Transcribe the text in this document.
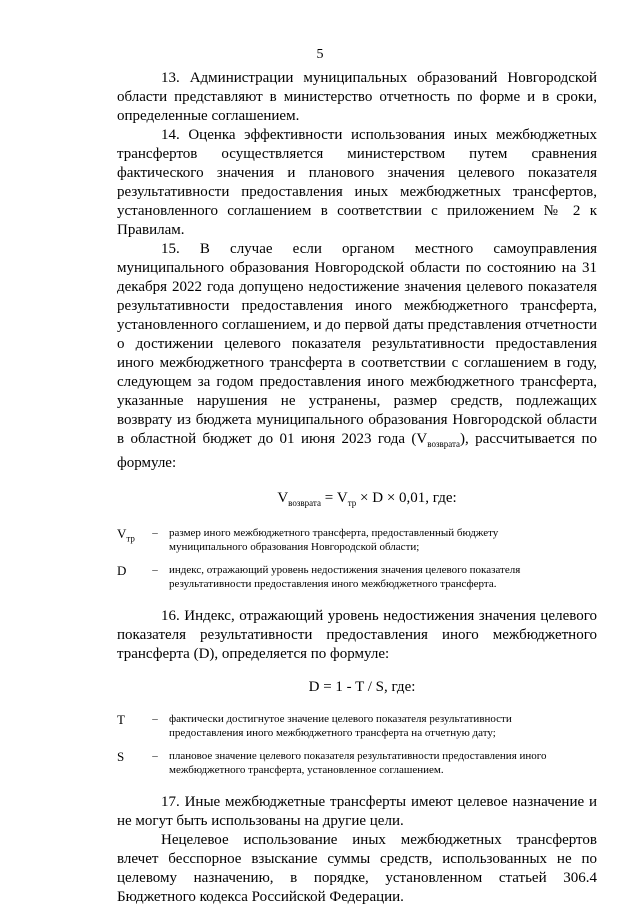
5

13. Администрации муниципальных образований Новгородской области представляют в министерство отчетность по форме и в сроки, определенные соглашением.

14. Оценка эффективности использования иных межбюджетных трансфертов осуществляется министерством путем сравнения фактического значения и планового значения целевого показателя результативности предоставления иных межбюджетных трансфертов, установленного соглашением в соответствии с приложением № 2 к Правилам.

15. В случае если органом местного самоуправления муниципального образования Новгородской области по состоянию на 31 декабря 2022 года допущено недостижение значения целевого показателя результативности предоставления иного межбюджетного трансферта, установленного соглашением, и до первой даты представления отчетности о достижении целевого показателя результативности предоставления иного межбюджетного трансферта в соответствии с соглашением в году, следующем за годом предоставления иного межбюджетного трансферта, указанные нарушения не устранены, размер средств, подлежащих возврату из бюджета муниципального образования Новгородской области в областной бюджет до 01 июня 2023 года $(V_{возврата})$, рассчитывается по формуле:

$V_{возврата} = V_{тр} \times D \times 0,01$, где:

$V_{тр}$	–	размер иного межбюджетного трансферта, предоставленный бюджету муниципального образования Новгородской области;
D	–	индекс, отражающий уровень недостижения значения целевого показателя результативности предоставления иного межбюджетного трансферта.

16. Индекс, отражающий уровень недостижения значения целевого показателя результативности предоставления иного межбюджетного трансферта (D), определяется по формуле:

D = 1 - T / S, где:

T	–	фактически достигнутое значение целевого показателя результативности предоставления иного межбюджетного трансферта на отчетную дату;
S	–	плановое значение целевого показателя результативности предоставления иного межбюджетного трансферта, установленное соглашением.

17. Иные межбюджетные трансферты имеют целевое назначение и не могут быть использованы на другие цели.

Нецелевое использование иных межбюджетных трансфертов влечет бесспорное взыскание суммы средств, использованных не по целевому назначению, в порядке, установленном статьей 306.4 Бюджетного кодекса Российской Федерации.
